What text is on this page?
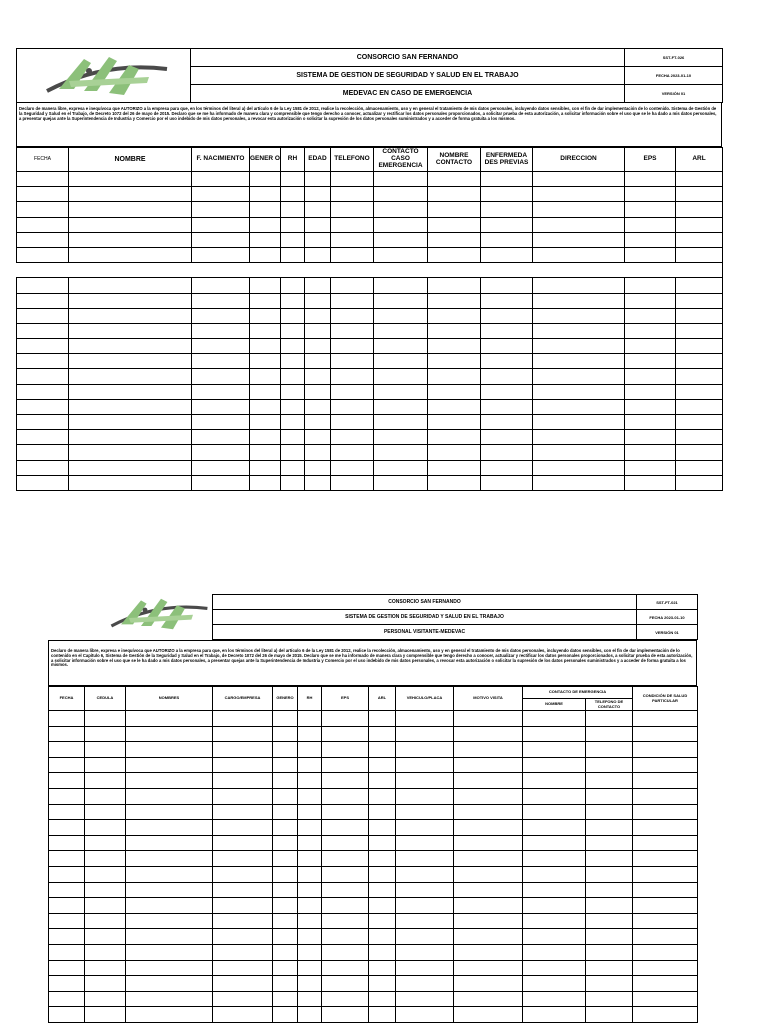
	CONSORCIO SAN FERNANDO	SST-FT-026
	SISTEMA DE GESTION DE SEGURIDAD Y SALUD EN EL TRABAJO	FECHA 2023-01-10
	MEDEVAC EN CASO DE EMERGENCIA	VERSIÓN 01
Declaro de manera libre, expresa e inequívoca que AUTORIZO a la empresa para que, en los términos del literal a) del artículo 6 de la Ley 1581 de 2012, realice la recolección, almacenamiento, uso y en general el tratamiento de mis datos personales, incluyendo datos sensibles, con el fin de dar implementación de lo contenido. Sistema de Gestión de la Seguridad y Salud en el Trabajo, de Decreto 1072 del 26 de mayo de 2015. Declaro que se me ha informado de manera clara y comprensible que tengo derecho a conocer, actualizar y rectificar los datos personales proporcionados, a solicitar prueba de esta autorización, a solicitar información sobre el uso que se le ha dado a mis datos personales, a presentar quejas ante la Superintendencia de Industria y Comercio por el uso indebido de mis datos personales, a revocar esta autorización o solicitar la supresión de los datos personales suministrados y a acceder de forma gratuita a los mismos.
FECHA	NOMBRE	F. NACIMIENTO	GENER O	RH	EDAD	TELEFONO	CONTACTO CASO EMERGENCIA	NOMBRE CONTACTO	ENFERMEDA DES PREVIAS	DIRECCION	EPS	ARL

CONSORCIO SAN FERNANDO	SST-FT-021
SISTEMA DE GESTION DE SEGURIDAD Y SALUD EN EL TRABAJO	FECHA 2023-01-10
PERSONAL VISITANTE-MEDEVAC	VERSIÓN 01
Declaro de manera libre, expresa e inequívoca que AUTORIZO a la empresa para que, en los términos del literal a) del artículo 6 de la Ley 1581 de 2012, realice la recolección, almacenamiento, uso y en general el tratamiento de mis datos personales, incluyendo datos sensibles, con el fin de dar implementación de lo contenido en el Capítulo 6, Sistema de Gestión de la Seguridad y Salud en el Trabajo, de Decreto 1072 del 26 de mayo de 2015. Declaro que se me ha informado de manera clara y comprensible que tengo derecho a conocer, actualizar y rectificar los datos personales proporcionados, a solicitar prueba de esta autorización, a solicitar información sobre el uso que se le ha dado a mis datos personales, a presentar quejas ante la Superintendencia de Industria y Comercio por el uso indebido de mis datos personales, a revocar esta autorización o solicitar la supresión de los datos personales suministrados y a acceder de forma gratuita a los mismos.
FECHA	CEDULA	NOMBRES	CARGO/EMPRESA	GENERO	RH	EPS	ARL	VEHICULO/PLACA	MOTIVO VISITA	CONTACTO DE EMERGENCIA		CONDICIÓN DE SALUD PARTICULAR
										NOMBRE	TELEFONO DE CONTACTO	
